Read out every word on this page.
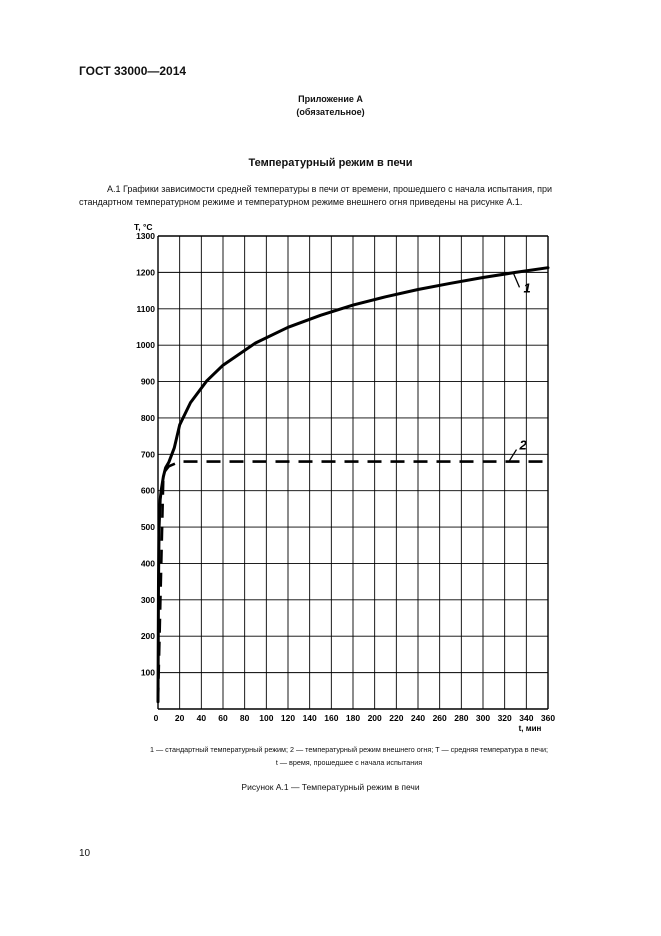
ГОСТ 33000—2014
Приложение А
(обязательное)
Температурный режим в печи
А.1 Графики зависимости средней температуры в печи от времени, прошедшего с начала испытания, при стандартном температурном режиме и температурном режиме внешнего огня приведены на рисунке А.1.
0 20 40 60 80 100 120 140 160 180 200 220 240 260 280 300 320 340 360
100
200
300
400
500
600
700
800
900
1000
1100
1200
1300
T, °C
t, мин
1
2
1 — стандартный температурный режим; 2 — температурный режим внешнего огня; T — средняя температура в печи;
t — время, прошедшее с начала испытания
Рисунок А.1 — Температурный режим в печи
10
